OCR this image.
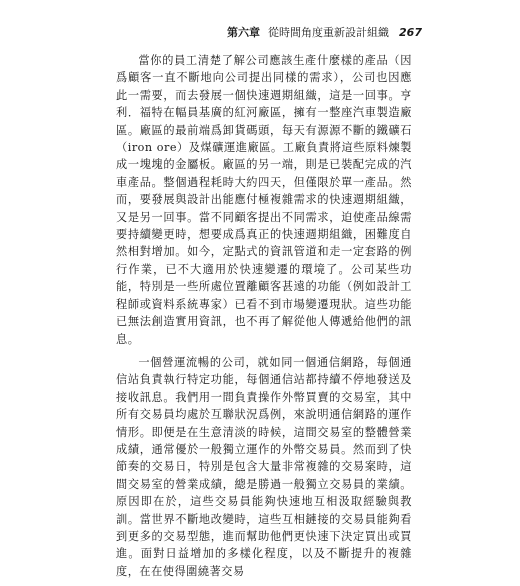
第六章 從時間角度重新設計組織 267

當你的員工清楚了解公司應該生產什麼樣的產品（因爲顧客一直不斷地向公司提出同樣的需求），公司也因應此一需要，而去發展一個快速週期組織，這是一回事。亨利．福特在幅員基廣的紅河廠區，擁有一整座汽車製造廠區。廠區的最前端爲卸貨碼頭，每天有源源不斷的鐵礦石（iron ore）及煤礦運進廠區。工廠負責將這些原料煉製成一塊塊的金屬板。廠區的另一端，則是已裝配完成的汽車產品。整個過程耗時大約四天，但僅限於單一產品。然而，要發展與設計出能應付極複雜需求的快速週期組織，又是另一回事。當不同顧客提出不同需求，迫使產品線需要持續變更時，想要成爲真正的快速週期組織，困難度自然相對增加。如今，定點式的資訊管道和走一定套路的例行作業，已不大適用於快速變遷的環境了。公司某些功能，特別是一些所處位置離顧客甚遠的功能（例如設計工程師或資料系統專家）已看不到市場變遷現狀。這些功能已無法創造實用資訊，也不再了解從他人傳遞給他們的訊息。

一個營運流暢的公司，就如同一個通信網路，每個通信站負責執行特定功能，每個通信站都持續不停地發送及接收訊息。我們用一間負責操作外幣買賣的交易室，其中所有交易員均處於互聯狀況爲例，來說明通信網路的運作情形。即便是在生意清淡的時候，這間交易室的整體營業成績，通常優於一般獨立運作的外幣交易員。然而到了快節奏的交易日，特別是包含大量非常複雜的交易案時，這間交易室的營業成績，總是勝過一般獨立交易員的業績。原因即在於，這些交易員能夠快速地互相汲取經驗與教訓。當世界不斷地改變時，這些互相鏈接的交易員能夠看到更多的交易型態，進而幫助他們更快速下決定買出或買進。面對日益增加的多樣化程度，以及不斷提升的複雜度，在在使得圍繞著交易
